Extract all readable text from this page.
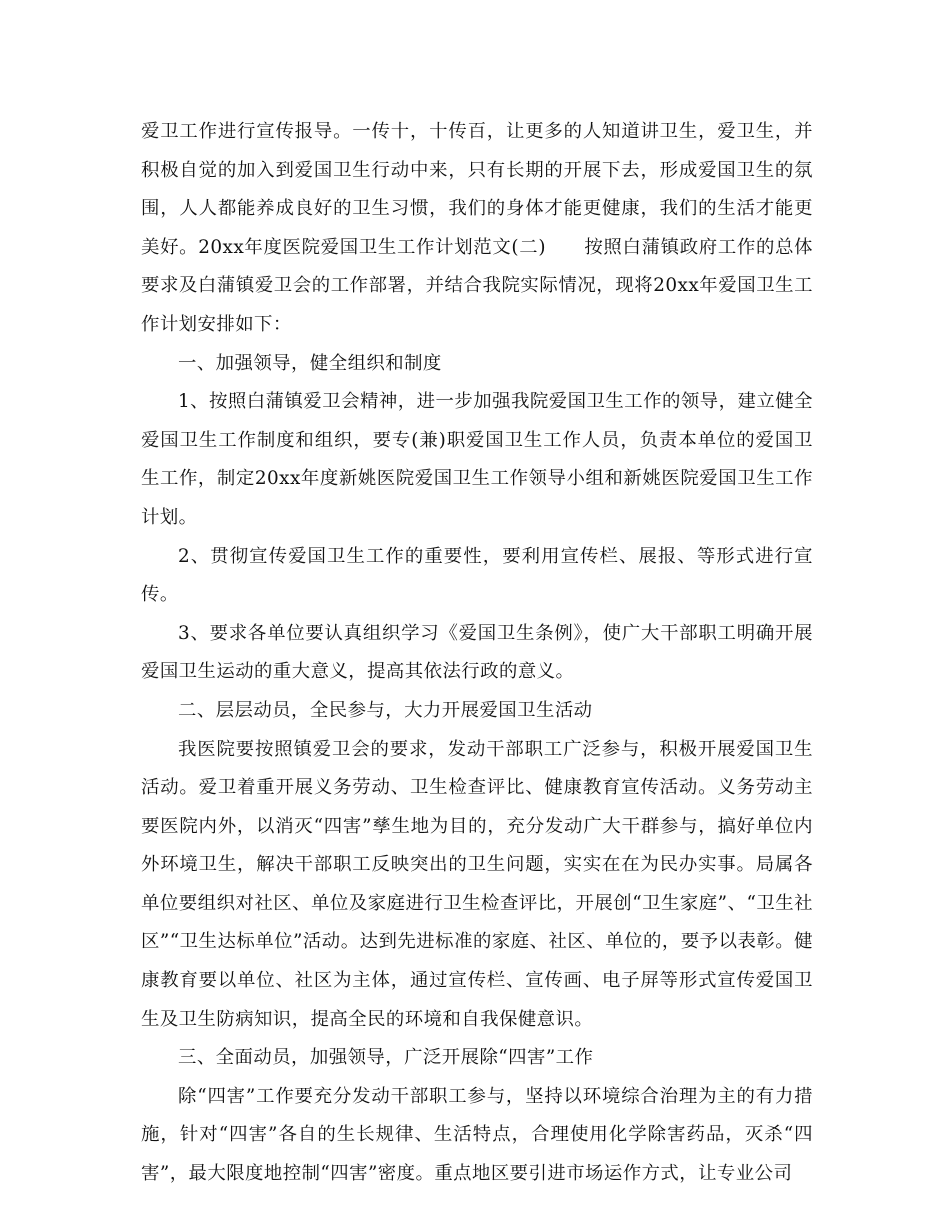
爱卫工作进行宣传报导。一传十，十传百，让更多的人知道讲卫生，爱卫生，并积极自觉的加入到爱国卫生行动中来，只有长期的开展下去，形成爱国卫生的氛围，人人都能养成良好的卫生习惯，我们的身体才能更健康，我们的生活才能更美好。20xx年度医院爱国卫生工作计划范文(二)　　按照白蒲镇政府工作的总体要求及白蒲镇爱卫会的工作部署，并结合我院实际情况，现将20xx年爱国卫生工作计划安排如下：

一、加强领导，健全组织和制度

1、按照白蒲镇爱卫会精神，进一步加强我院爱国卫生工作的领导，建立健全爱国卫生工作制度和组织，要专(兼)职爱国卫生工作人员，负责本单位的爱国卫生工作，制定20xx年度新姚医院爱国卫生工作领导小组和新姚医院爱国卫生工作计划。

2、贯彻宣传爱国卫生工作的重要性，要利用宣传栏、展报、等形式进行宣传。

3、要求各单位要认真组织学习《爱国卫生条例》，使广大干部职工明确开展爱国卫生运动的重大意义，提高其依法行政的意义。

二、层层动员，全民参与，大力开展爱国卫生活动

我医院要按照镇爱卫会的要求，发动干部职工广泛参与，积极开展爱国卫生活动。爱卫着重开展义务劳动、卫生检查评比、健康教育宣传活动。义务劳动主要医院内外，以消灭“四害”孳生地为目的，充分发动广大干群参与，搞好单位内外环境卫生，解决干部职工反映突出的卫生问题，实实在在为民办实事。局属各单位要组织对社区、单位及家庭进行卫生检查评比，开展创“卫生家庭”、“卫生社区”“卫生达标单位”活动。达到先进标准的家庭、社区、单位的，要予以表彰。健康教育要以单位、社区为主体，通过宣传栏、宣传画、电子屏等形式宣传爱国卫生及卫生防病知识，提高全民的环境和自我保健意识。

三、全面动员，加强领导，广泛开展除“四害”工作

除“四害”工作要充分发动干部职工参与，坚持以环境综合治理为主的有力措施，针对“四害”各自的生长规律、生活特点，合理使用化学除害药品，灭杀“四害”，最大限度地控制“四害”密度。重点地区要引进市场运作方式，让专业公司
